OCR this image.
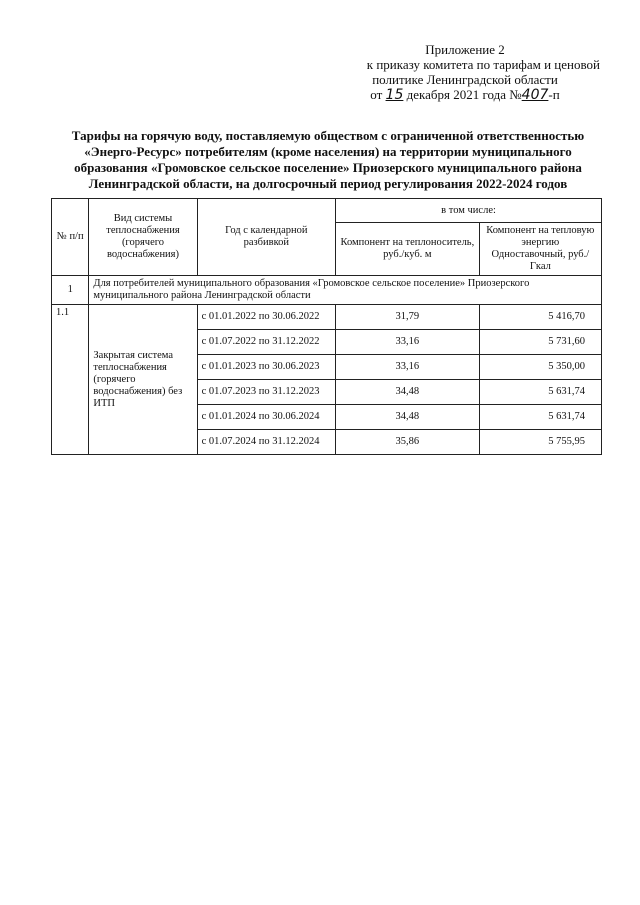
Приложение 2
к приказу комитета по тарифам и ценовой
политике Ленинградской области
от 15 декабря 2021 года №407-п
Тарифы на горячую воду, поставляемую обществом с ограниченной ответственностью «Энерго-Ресурс» потребителям (кроме населения) на территории муниципального образования «Громовское сельское поселение» Приозерского муниципального района Ленинградской области, на долгосрочный период регулирования 2022-2024 годов
№ п/п	Вид системы теплоснабжения (горячего водоснабжения)	Год с календарной разбивкой	в том числе:	
			Компонент на теплоноситель, руб./куб. м	Компонент на тепловую энергию Одноставочный, руб./Гкал
1	Для потребителей муниципального образования «Громовское сельское поселение» Приозерского муниципального района Ленинградской области			
1.1	Закрытая система теплоснабжения (горячего водоснабжения) без ИТП	с 01.01.2022 по 30.06.2022	31,79	5 416,70
		с 01.07.2022 по 31.12.2022	33,16	5 731,60
		с 01.01.2023 по 30.06.2023	33,16	5 350,00
		с 01.07.2023 по 31.12.2023	34,48	5 631,74
		с 01.01.2024 по 30.06.2024	34,48	5 631,74
		с 01.07.2024 по 31.12.2024	35,86	5 755,95
